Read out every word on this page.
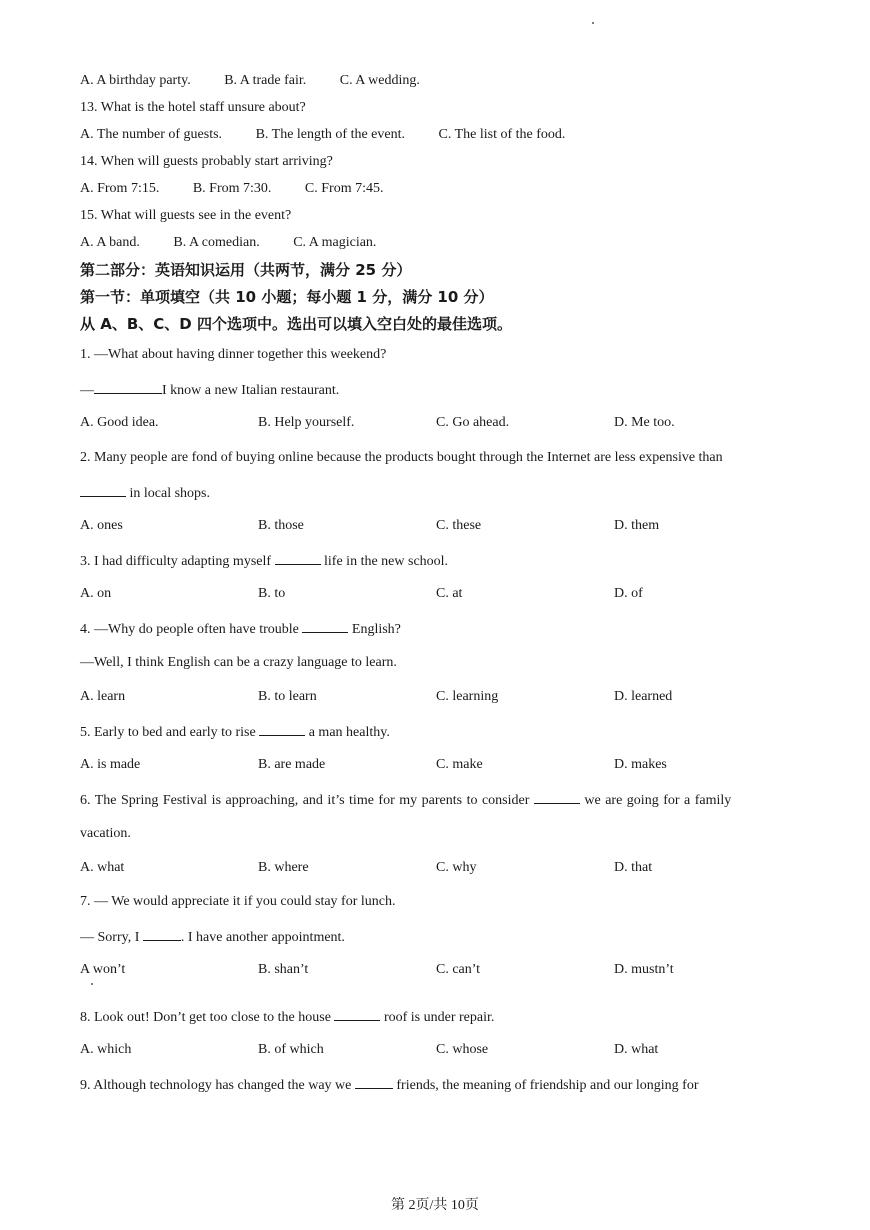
A. A birthday party. B. A trade fair. C. A wedding.
13. What is the hotel staff unsure about?
A. The number of guests. B. The length of the event. C. The list of the food.
14. When will guests probably start arriving?
A. From 7:15. B. From 7:30. C. From 7:45.
15. What will guests see in the event?
A. A band. B. A comedian. C. A magician.
第二部分：英语知识运用（共两节，满分 25 分）
第一节：单项填空（共 10 小题；每小题 1 分，满分 10 分）
从 A、B、C、D 四个选项中。选出可以填入空白处的最佳选项。
1. —What about having dinner together this weekend?
—	I know a new Italian restaurant.
A. Good idea.	B. Help yourself.	C. Go ahead.	D. Me too.
2. Many people are fond of buying online because the products bought through the Internet are less expensive than
in local shops.
A. ones	B. those	C. these	D. them
3. I had difficulty adapting myself	life in the new school.
A. on	B. to	C. at	D. of
4. —Why do people often have trouble	English?
—Well, I think English can be a crazy language to learn.
A. learn	B. to learn	C. learning	D. learned
5. Early to bed and early to rise	a man healthy.
A. is made	B. are made	C. make	D. makes
6. The Spring Festival is approaching, and it’s time for my parents to consider	we are going for a family
vacation.
A. what	B. where	C. why	D. that
7. — We would appreciate it if you could stay for lunch.
— Sorry, I	. I have another appointment.
A won’t	B. shan’t	C. can’t	D. mustn’t
8. Look out! Don’t get too close to the house	roof is under repair.
A. which	B. of which	C. whose	D. what
9. Although technology has changed the way we	friends, the meaning of friendship and our longing for
第 2页/共 10页
